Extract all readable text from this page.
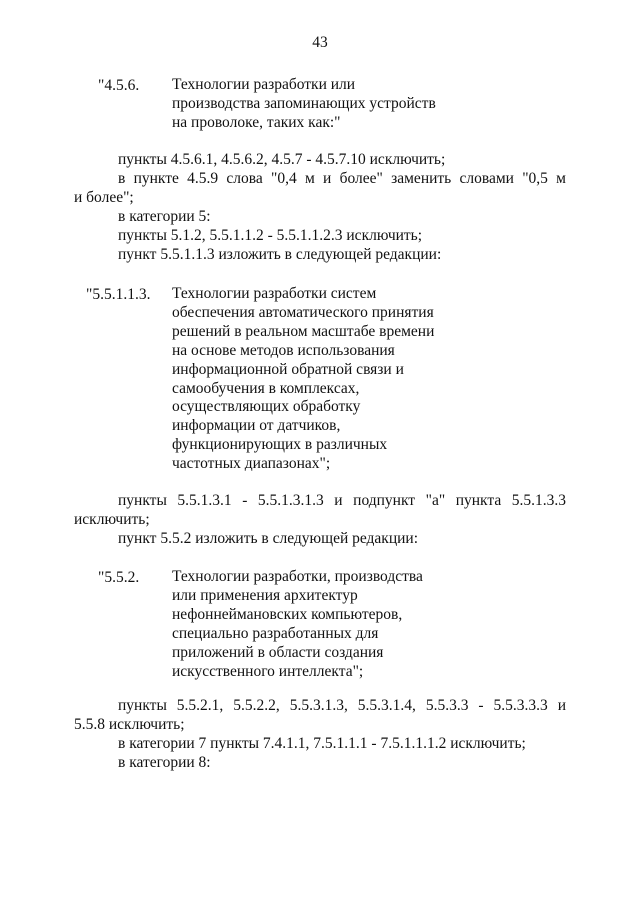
43
"4.5.6. Технологии разработки или
производства запоминающих устройств
на проволоке, таких как:"
пункты 4.5.6.1, 4.5.6.2, 4.5.7 - 4.5.7.10 исключить;
в пункте 4.5.9 слова "0,4 м и более" заменить словами "0,5 м
и более";
в категории 5:
пункты 5.1.2, 5.5.1.1.2 - 5.5.1.1.2.3 исключить;
пункт 5.5.1.1.3 изложить в следующей редакции:
"5.5.1.1.3. Технологии разработки систем
обеспечения автоматического принятия
решений в реальном масштабе времени
на основе методов использования
информационной обратной связи и
самообучения в комплексах,
осуществляющих обработку
информации от датчиков,
функционирующих в различных
частотных диапазонах";
пункты 5.5.1.3.1 - 5.5.1.3.1.3 и подпункт "а" пункта 5.5.1.3.3
исключить;
пункт 5.5.2 изложить в следующей редакции:
"5.5.2. Технологии разработки, производства
или применения архитектур
нефоннеймановских компьютеров,
специально разработанных для
приложений в области создания
искусственного интеллекта";
пункты 5.5.2.1, 5.5.2.2, 5.5.3.1.3, 5.5.3.1.4, 5.5.3.3 - 5.5.3.3.3 и
5.5.8 исключить;
в категории 7 пункты 7.4.1.1, 7.5.1.1.1 - 7.5.1.1.1.2 исключить;
в категории 8:
